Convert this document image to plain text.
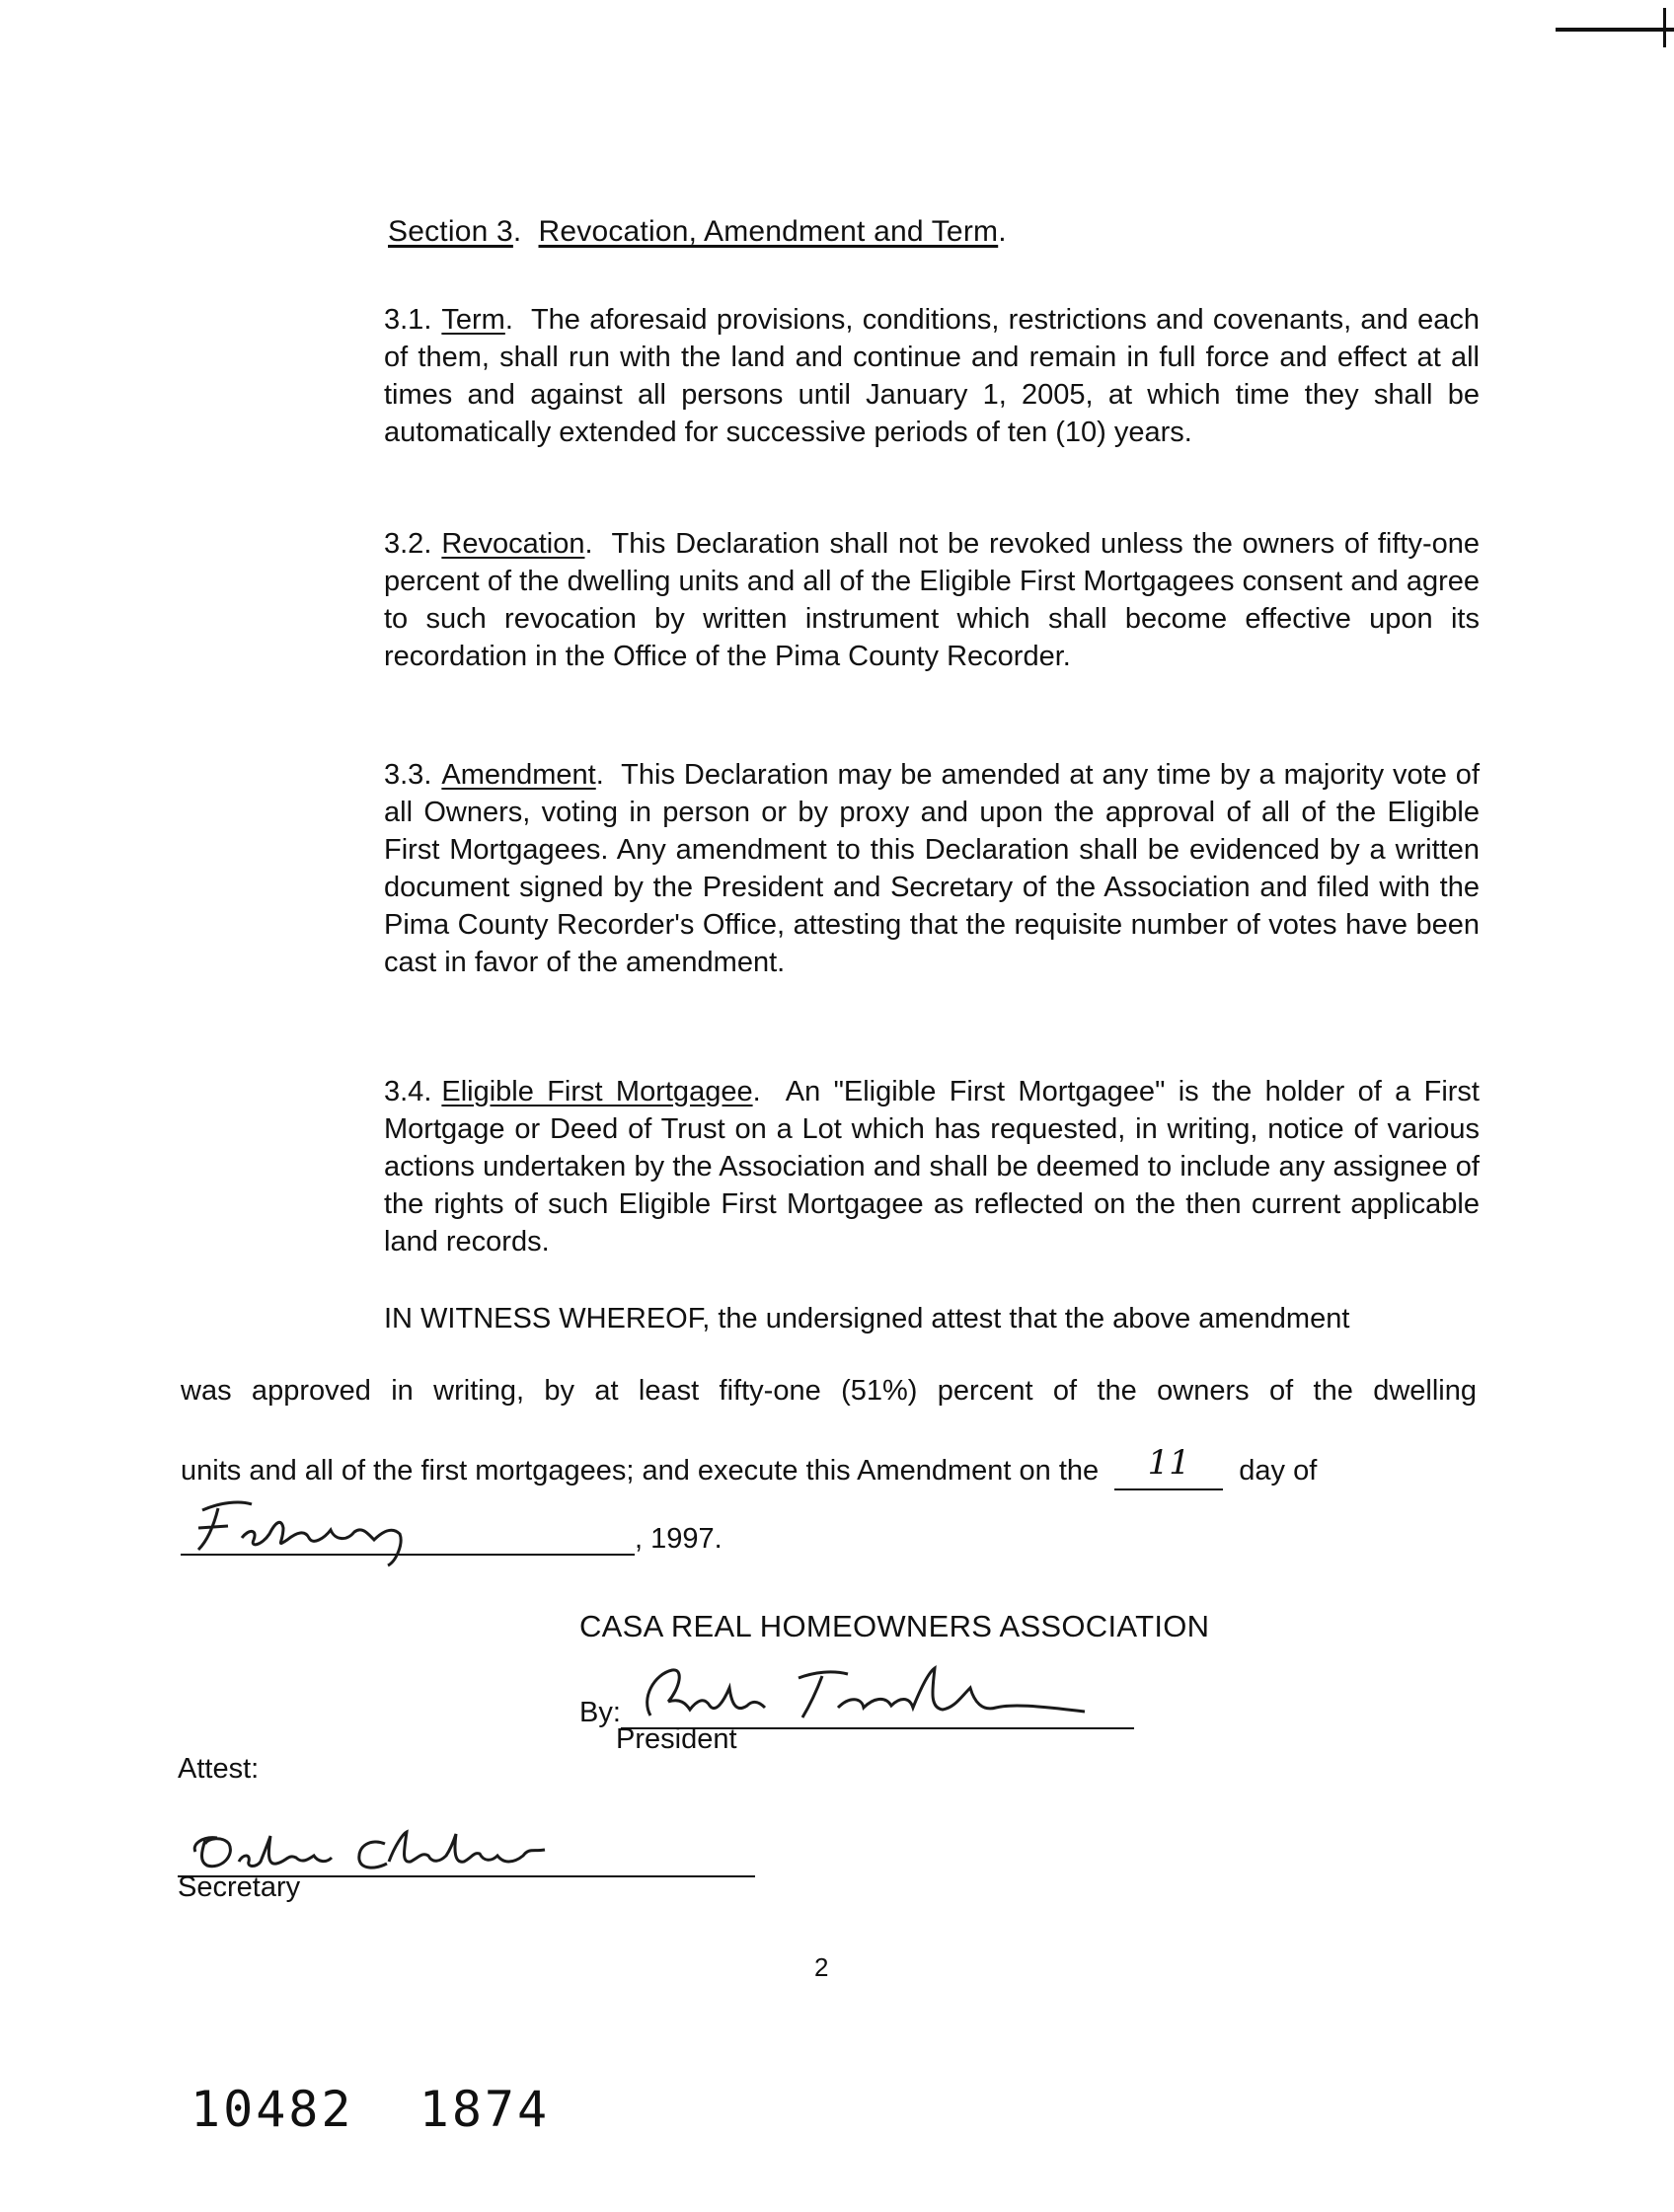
Section 3.  Revocation, Amendment and Term.
3.1. Term.  The aforesaid provisions, conditions, restrictions and covenants, and each of them, shall run with the land and continue and remain in full force and effect at all times and against all persons until January 1, 2005, at which time they shall be automatically extended for successive periods of ten (10) years.
3.2. Revocation.  This Declaration shall not be revoked unless the owners of fifty-one percent of the dwelling units and all of the Eligible First Mortgagees consent and agree to such revocation by written instrument which shall become effective upon its recordation in the Office of the Pima County Recorder.
3.3. Amendment.  This Declaration may be amended at any time by a majority vote of all Owners, voting in person or by proxy and upon the approval of all of the Eligible First Mortgagees. Any amendment to this Declaration shall be evidenced by a written document signed by the President and Secretary of the Association and filed with the Pima County Recorder's Office, attesting that the requisite number of votes have been cast in favor of the amendment.
3.4. Eligible First Mortgagee.  An "Eligible First Mortgagee" is the holder of a First Mortgage or Deed of Trust on a Lot which has requested, in writing, notice of various actions undertaken by the Association and shall be deemed to include any assignee of the rights of such Eligible First Mortgagee as reflected on the then current applicable land records.
IN WITNESS WHEREOF, the undersigned attest that the above amendment
was approved in writing, by at least fifty-one (51%) percent of the owners of the dwelling
units and all of the first mortgagees; and execute this Amendment on the 11 day of
, 1997.
CASA REAL HOMEOWNERS ASSOCIATION
By:
President
Attest:
Secretary
2
10482  1874
